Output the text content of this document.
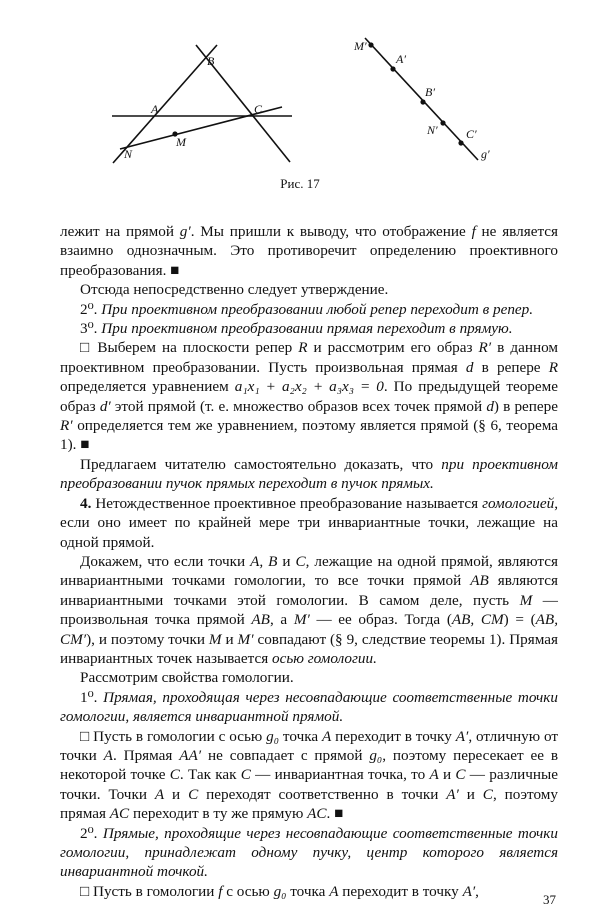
B
A	C
N
M
M′
A′
B′
N′ C′
g′
Рис. 17

лежит на прямой g′. Мы пришли к выводу, что отображение f не является взаимно однозначным. Это противоречит определению проективного преобразования. ■

Отсюда непосредственно следует утверждение.

2⁰. При проективном преобразовании любой репер переходит в репер.

3⁰. При проективном преобразовании прямая переходит в прямую.

□ Выберем на плоскости репер R и рассмотрим его образ R′ в данном проективном преобразовании. Пусть произвольная прямая d в репере R определяется уравнением a₁x₁ + a₂x₂ + a₃x₃ = 0. По предыдущей теореме образ d′ этой прямой (т. е. множество образов всех точек прямой d) в репере R′ определяется тем же уравнением, поэтому является прямой (§ 6, теорема 1). ■

Предлагаем читателю самостоятельно доказать, что при проективном преобразовании пучок прямых переходит в пучок прямых.

4. Нетождественное проективное преобразование называется гомологией, если оно имеет по крайней мере три инвариантные точки, лежащие на одной прямой.

Докажем, что если точки A, B и C, лежащие на одной прямой, являются инвариантными точками гомологии, то все точки прямой AB являются инвариантными точками этой гомологии. В самом деле, пусть M — произвольная точка прямой AB, а M′ — ее образ. Тогда (AB, CM) = (AB, CM′), и поэтому точки M и M′ совпадают (§ 9, следствие теоремы 1). Прямая инвариантных точек называется осью гомологии.

Рассмотрим свойства гомологии.

1⁰. Прямая, проходящая через несовпадающие соответственные точки гомологии, является инвариантной прямой.

□ Пусть в гомологии с осью g₀ точка A переходит в точку A′, отличную от точки A. Прямая AA′ не совпадает с прямой g₀, поэтому пересекает ее в некоторой точке C. Так как C — инвариантная точка, то A и C — различные точки. Точки A и C переходят соответственно в точки A′ и C, поэтому прямая AC переходит в ту же прямую AC. ■

2⁰. Прямые, проходящие через несовпадающие соответственные точки гомологии, принадлежат одному пучку, центр которого является инвариантной точкой.

□ Пусть в гомологии f с осью g₀ точка A переходит в точку A′,	37
